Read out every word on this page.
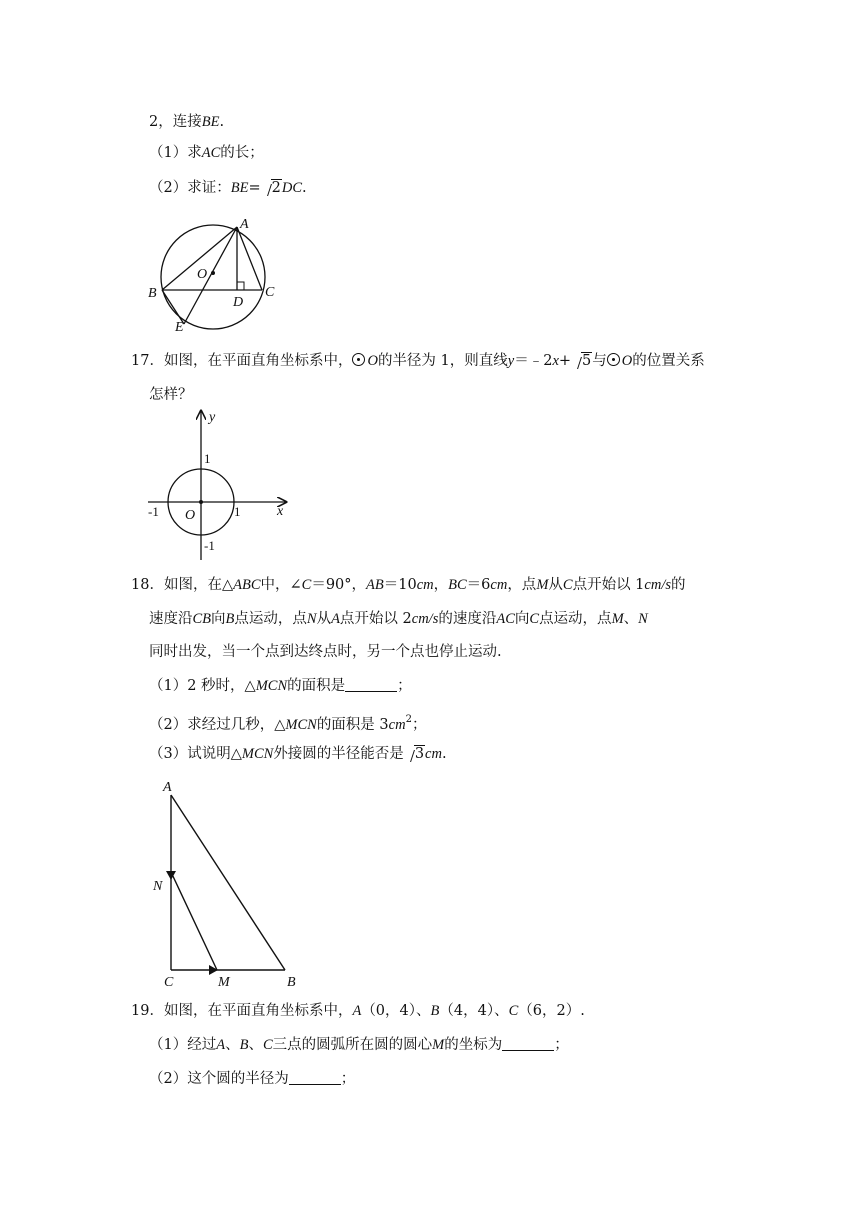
2，连接BE.
（1）求AC的长；
（2）求证：BE= 2DC.
A
B	C
D
E
O
17．如图，在平面直角坐标系中， O的半径为 1，则直线y＝﹣2x+ 5与 O的位置关系
怎样？
y
x
O
1
1
-1
-1
18．如图，在△ABC中，∠C＝90°，AB＝10cm，BC＝6cm，点M从C点开始以 1cm/s的
速度沿CB向B点运动，点N从A点开始以 2cm/s的速度沿AC向C点运动，点M、N
同时出发，当一个点到达终点时，另一个点也停止运动.
（1）2 秒时，△MCN的面积是	；
（2）求经过几秒，△MCN的面积是 $3cm^2$；
（3）试说明△MCN外接圆的半径能否是 3cm.
A
N
C	M	B
19．如图，在平面直角坐标系中，A（0，4）、B（4，4）、C（6，2）.
（1）经过A、B、C三点的圆弧所在圆的圆心M的坐标为	；
（2）这个圆的半径为	；
